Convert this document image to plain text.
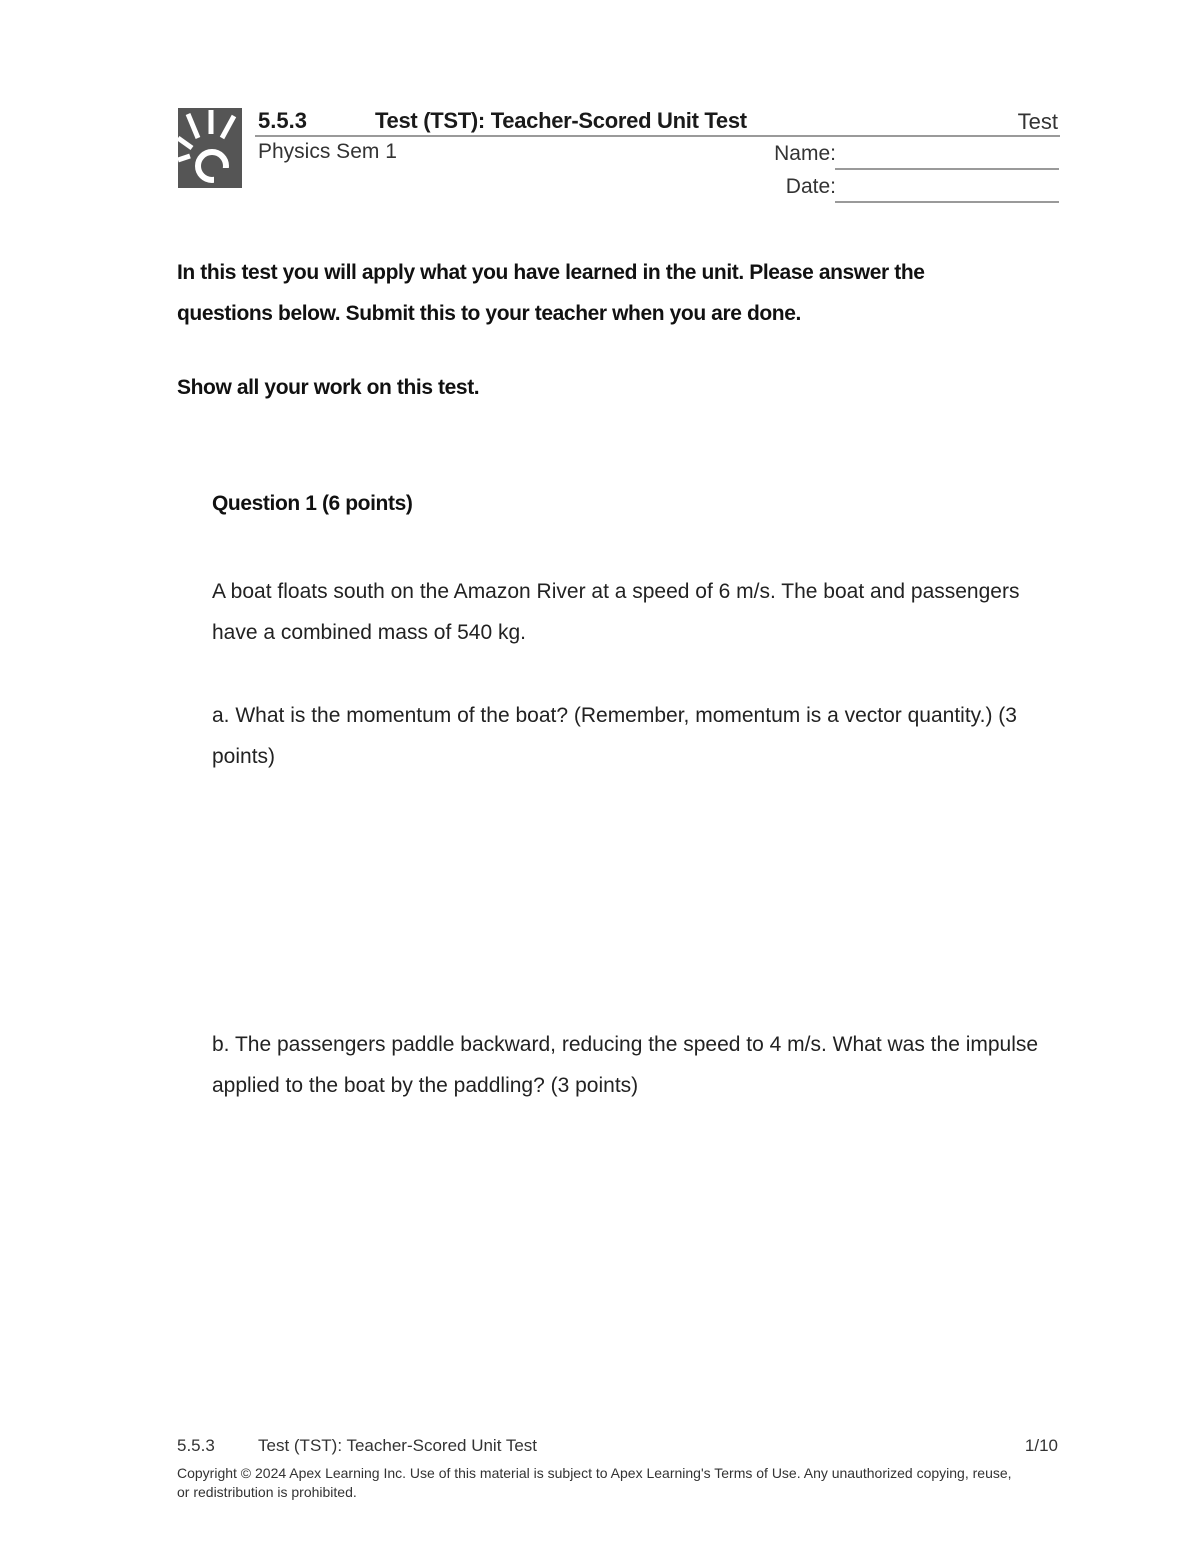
5.5.3	Test (TST): Teacher-Scored Unit Test	Test
Physics Sem 1	Name:
Date:

In this test you will apply what you have learned in the unit. Please answer the questions below. Submit this to your teacher when you are done.

Show all your work on this test.

Question 1 (6 points)

A boat floats south on the Amazon River at a speed of 6 m/s. The boat and passengers have a combined mass of 540 kg.

a. What is the momentum of the boat? (Remember, momentum is a vector quantity.) (3 points)

b. The passengers paddle backward, reducing the speed to 4 m/s. What was the impulse applied to the boat by the paddling? (3 points)

5.5.3	Test (TST): Teacher-Scored Unit Test	1/10

Copyright © 2024 Apex Learning Inc. Use of this material is subject to Apex Learning's Terms of Use. Any unauthorized copying, reuse, or redistribution is prohibited.
